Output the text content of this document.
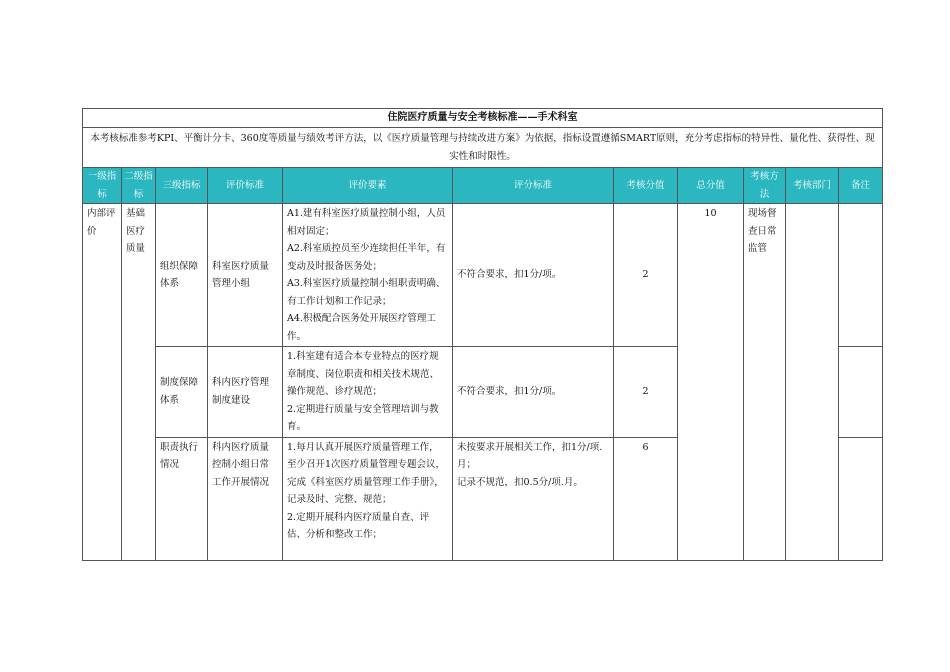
住院医疗质量与安全考核标准——手术科室										
本考核标准参考KPI、平衡计分卡、360度等质量与绩效考评方法，以《医疗质量管理与持续改进方案》为依据，指标设置遵循SMART原则，充分考虑指标的特异性、量化性、获得性、现实性和时限性。										
一级指标	二级指标	三级指标	评价标准	评价要素	评分标准	考核分值	总分值	考核方法	考核部门	备注
内部评价	基础医疗质量	组织保障体系	科室医疗质量管理小组	A1.建有科室医疗质量控制小组，人员相对固定；
A2.科室质控员至少连续担任半年，有变动及时报备医务处；
A3.科室医疗质量控制小组职责明确、有工作计划和工作记录；
A4.积极配合医务处开展医疗管理工作。	不符合要求，扣1分/项。	2	10	现场督查日常监管		
		制度保障体系	科内医疗管理制度建设	1.科室建有适合本专业特点的医疗规章制度、岗位职责和相关技术规范、操作规范、诊疗规范；
2.定期进行质量与安全管理培训与教育。	不符合要求，扣1分/项。	2				
		职责执行情况	科内医疗质量控制小组日常工作开展情况	1.每月认真开展医疗质量管理工作，至少召开1次医疗质量管理专题会议，完成《科室医疗质量管理工作手册》，记录及时、完整、规范；
2.定期开展科内医疗质量自查、评估、分析和整改工作；	未按要求开展相关工作，扣1分/项.月；
记录不规范，扣0.5分/项.月。	6				
